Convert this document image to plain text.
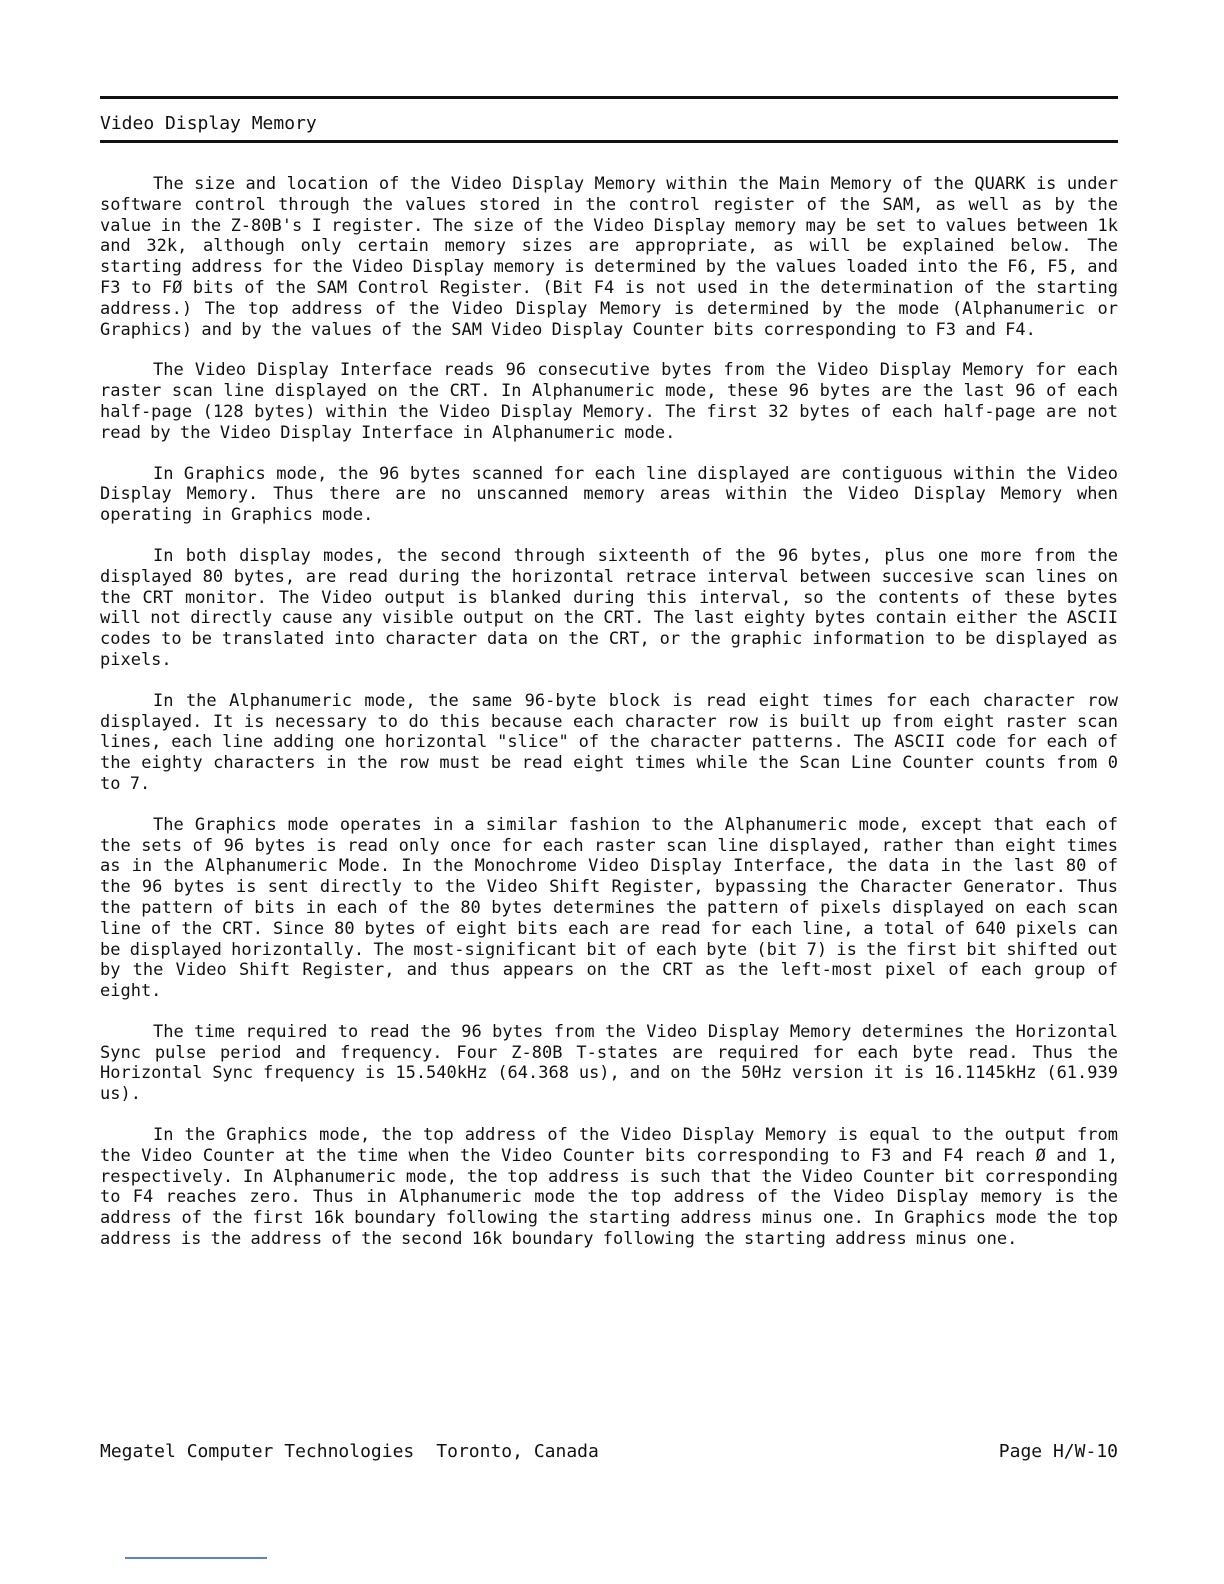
Video Display Memory

The size and location of the Video Display Memory within the Main Memory of the QUARK is under software control through the values stored in the control register of the SAM, as well as by the value in the Z-80B's I register. The size of the Video Display memory may be set to values between 1k and 32k, although only certain memory sizes are appropriate, as will be explained below. The starting address for the Video Display memory is determined by the values loaded into the F6, F5, and F3 to FØ bits of the SAM Control Register. (Bit F4 is not used in the determination of the starting address.) The top address of the Video Display Memory is determined by the mode (Alphanumeric or Graphics) and by the values of the SAM Video Display Counter bits corresponding to F3 and F4.

The Video Display Interface reads 96 consecutive bytes from the Video Display Memory for each raster scan line displayed on the CRT. In Alphanumeric mode, these 96 bytes are the last 96 of each half-page (128 bytes) within the Video Display Memory. The first 32 bytes of each half-page are not read by the Video Display Interface in Alphanumeric mode.

In Graphics mode, the 96 bytes scanned for each line displayed are contiguous within the Video Display Memory. Thus there are no unscanned memory areas within the Video Display Memory when operating in Graphics mode.

In both display modes, the second through sixteenth of the 96 bytes, plus one more from the displayed 80 bytes, are read during the horizontal retrace interval between succesive scan lines on the CRT monitor. The Video output is blanked during this interval, so the contents of these bytes will not directly cause any visible output on the CRT. The last eighty bytes contain either the ASCII codes to be translated into character data on the CRT, or the graphic information to be displayed as pixels.

In the Alphanumeric mode, the same 96-byte block is read eight times for each character row displayed. It is necessary to do this because each character row is built up from eight raster scan lines, each line adding one horizontal "slice" of the character patterns. The ASCII code for each of the eighty characters in the row must be read eight times while the Scan Line Counter counts from 0 to 7.

The Graphics mode operates in a similar fashion to the Alphanumeric mode, except that each of the sets of 96 bytes is read only once for each raster scan line displayed, rather than eight times as in the Alphanumeric Mode. In the Monochrome Video Display Interface, the data in the last 80 of the 96 bytes is sent directly to the Video Shift Register, bypassing the Character Generator. Thus the pattern of bits in each of the 80 bytes determines the pattern of pixels displayed on each scan line of the CRT. Since 80 bytes of eight bits each are read for each line, a total of 640 pixels can be displayed horizontally. The most-significant bit of each byte (bit 7) is the first bit shifted out by the Video Shift Register, and thus appears on the CRT as the left-most pixel of each group of eight.

The time required to read the 96 bytes from the Video Display Memory determines the Horizontal Sync pulse period and frequency. Four Z-80B T-states are required for each byte read. Thus the Horizontal Sync frequency is 15.540kHz (64.368 us), and on the 50Hz version it is 16.1145kHz (61.939 us).

In the Graphics mode, the top address of the Video Display Memory is equal to the output from the Video Counter at the time when the Video Counter bits corresponding to F3 and F4 reach Ø and 1, respectively. In Alphanumeric mode, the top address is such that the Video Counter bit corresponding to F4 reaches zero. Thus in Alphanumeric mode the top address of the Video Display memory is the address of the first 16k boundary following the starting address minus one. In Graphics mode the top address is the address of the second 16k boundary following the starting address minus one.

Megatel Computer Technologies Toronto, Canada	Page H/W-10
